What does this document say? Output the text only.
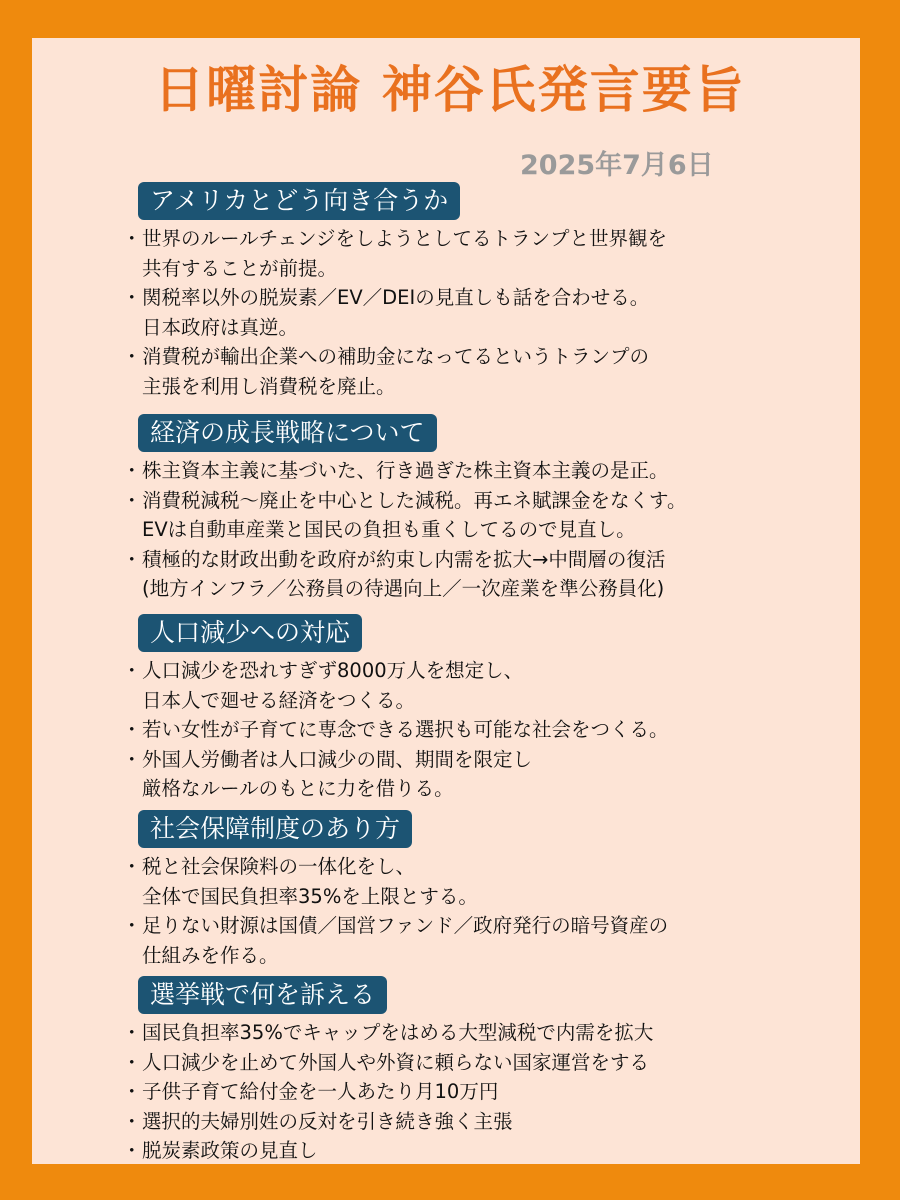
日曜討論 神谷氏発言要旨
2025年7月6日
アメリカとどう向き合うか
・ 世界のルールチェンジをしようとしてるトランプと世界観を
共有することが前提。
・ 関税率以外の脱炭素／EV／DEIの見直しも話を合わせる。
日本政府は真逆。
・ 消費税が輸出企業への補助金になってるというトランプの
主張を利用し消費税を廃止。
経済の成長戦略について
・ 株主資本主義に基づいた、行き過ぎた株主資本主義の是正。
・ 消費税減税〜廃止を中心とした減税。再エネ賦課金をなくす。
EVは自動車産業と国民の負担も重くしてるので見直し。
・ 積極的な財政出動を政府が約束し内需を拡大→中間層の復活
(地方インフラ／公務員の待遇向上／一次産業を準公務員化)
人口減少への対応
・ 人口減少を恐れすぎず8000万人を想定し、
日本人で廻せる経済をつくる。
・ 若い女性が子育てに専念できる選択も可能な社会をつくる。
・ 外国人労働者は人口減少の間、期間を限定し
厳格なルールのもとに力を借りる。
社会保障制度のあり方
・ 税と社会保険料の一体化をし、
全体で国民負担率35%を上限とする。
・ 足りない財源は国債／国営ファンド／政府発行の暗号資産の
仕組みを作る。
選挙戦で何を訴える
・ 国民負担率35%でキャップをはめる大型減税で内需を拡大
・ 人口減少を止めて外国人や外資に頼らない国家運営をする
・ 子供子育て給付金を一人あたり月10万円
・ 選択的夫婦別姓の反対を引き続き強く主張
・ 脱炭素政策の見直し
